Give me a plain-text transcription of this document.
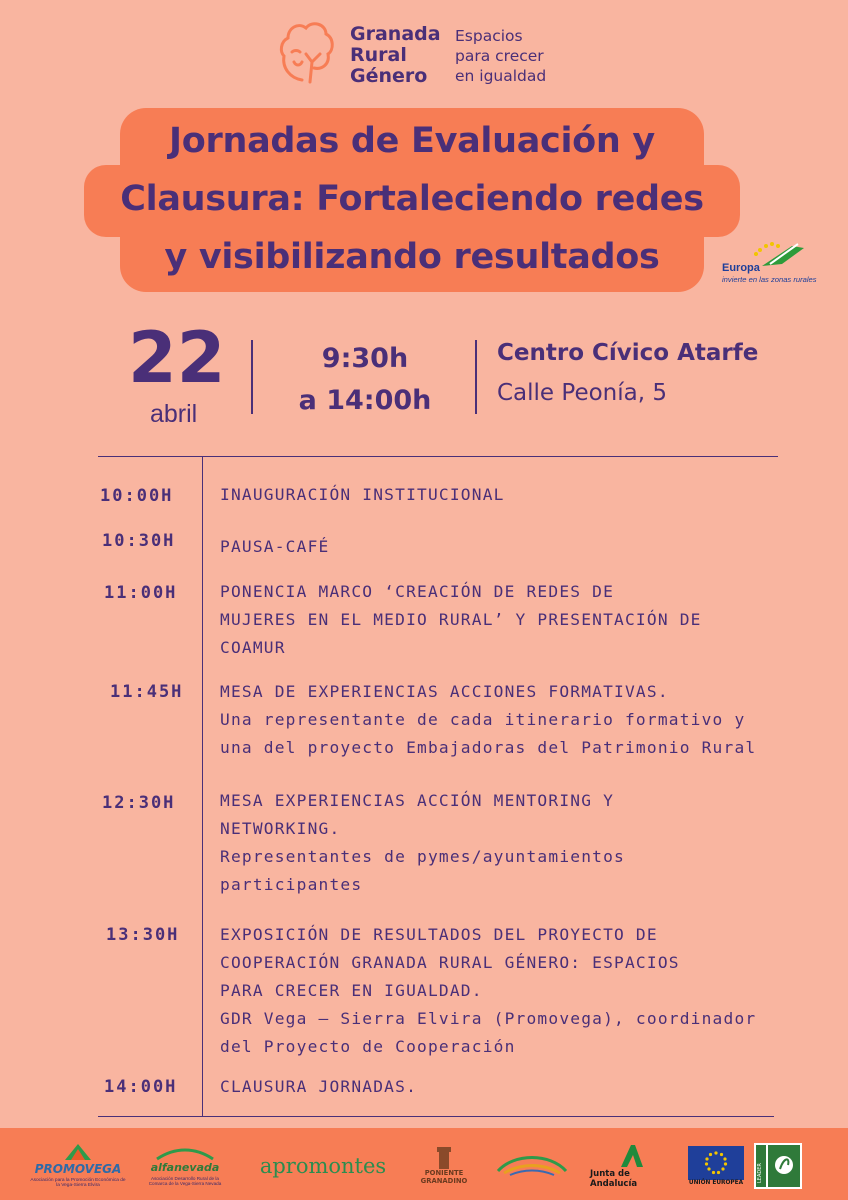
Granada
Rural
Género
Espacios
para crecer
en igualdad
Jornadas de Evaluación y
Clausura: Fortaleciendo redes
y visibilizando resultados	Europa
invierte en las zonas rurales
22
abril
9:30h
a 14:00h
Centro Cívico Atarfe
Calle Peonía, 5
10:00H	INAUGURACIÓN INSTITUCIONAL
10:30H	PAUSA-CAFÉ
11:00H	PONENCIA MARCO ‘CREACIÓN DE REDES DE
MUJERES EN EL MEDIO RURAL’ Y PRESENTACIÓN DE
COAMUR
11:45H MESA DE EXPERIENCIAS ACCIONES FORMATIVAS.
Una representante de cada itinerario formativo y
una del proyecto Embajadoras del Patrimonio Rural
12:30H	MESA EXPERIENCIAS ACCIÓN MENTORING Y
NETWORKING.
Representantes de pymes/ayuntamientos
participantes
13:30H	EXPOSICIÓN DE RESULTADOS DEL PROYECTO DE
COOPERACIÓN GRANADA RURAL GÉNERO: ESPACIOS
PARA CRECER EN IGUALDAD.
GDR Vega – Sierra Elvira (Promovega), coordinador
del Proyecto de Cooperación
14:00H	CLAUSURA JORNADAS.
PROMOVEGA
Asociación para la Promoción Económica de la Vega-Sierra Elvira
alfanevada
Asociación Desarrollo Rural de la Comarca de la Vega-Sierra Nevada
apromontes	PONIENTE GRANADINO
Junta de Andalucía	UNIÓN EUROPEA	LEADER
